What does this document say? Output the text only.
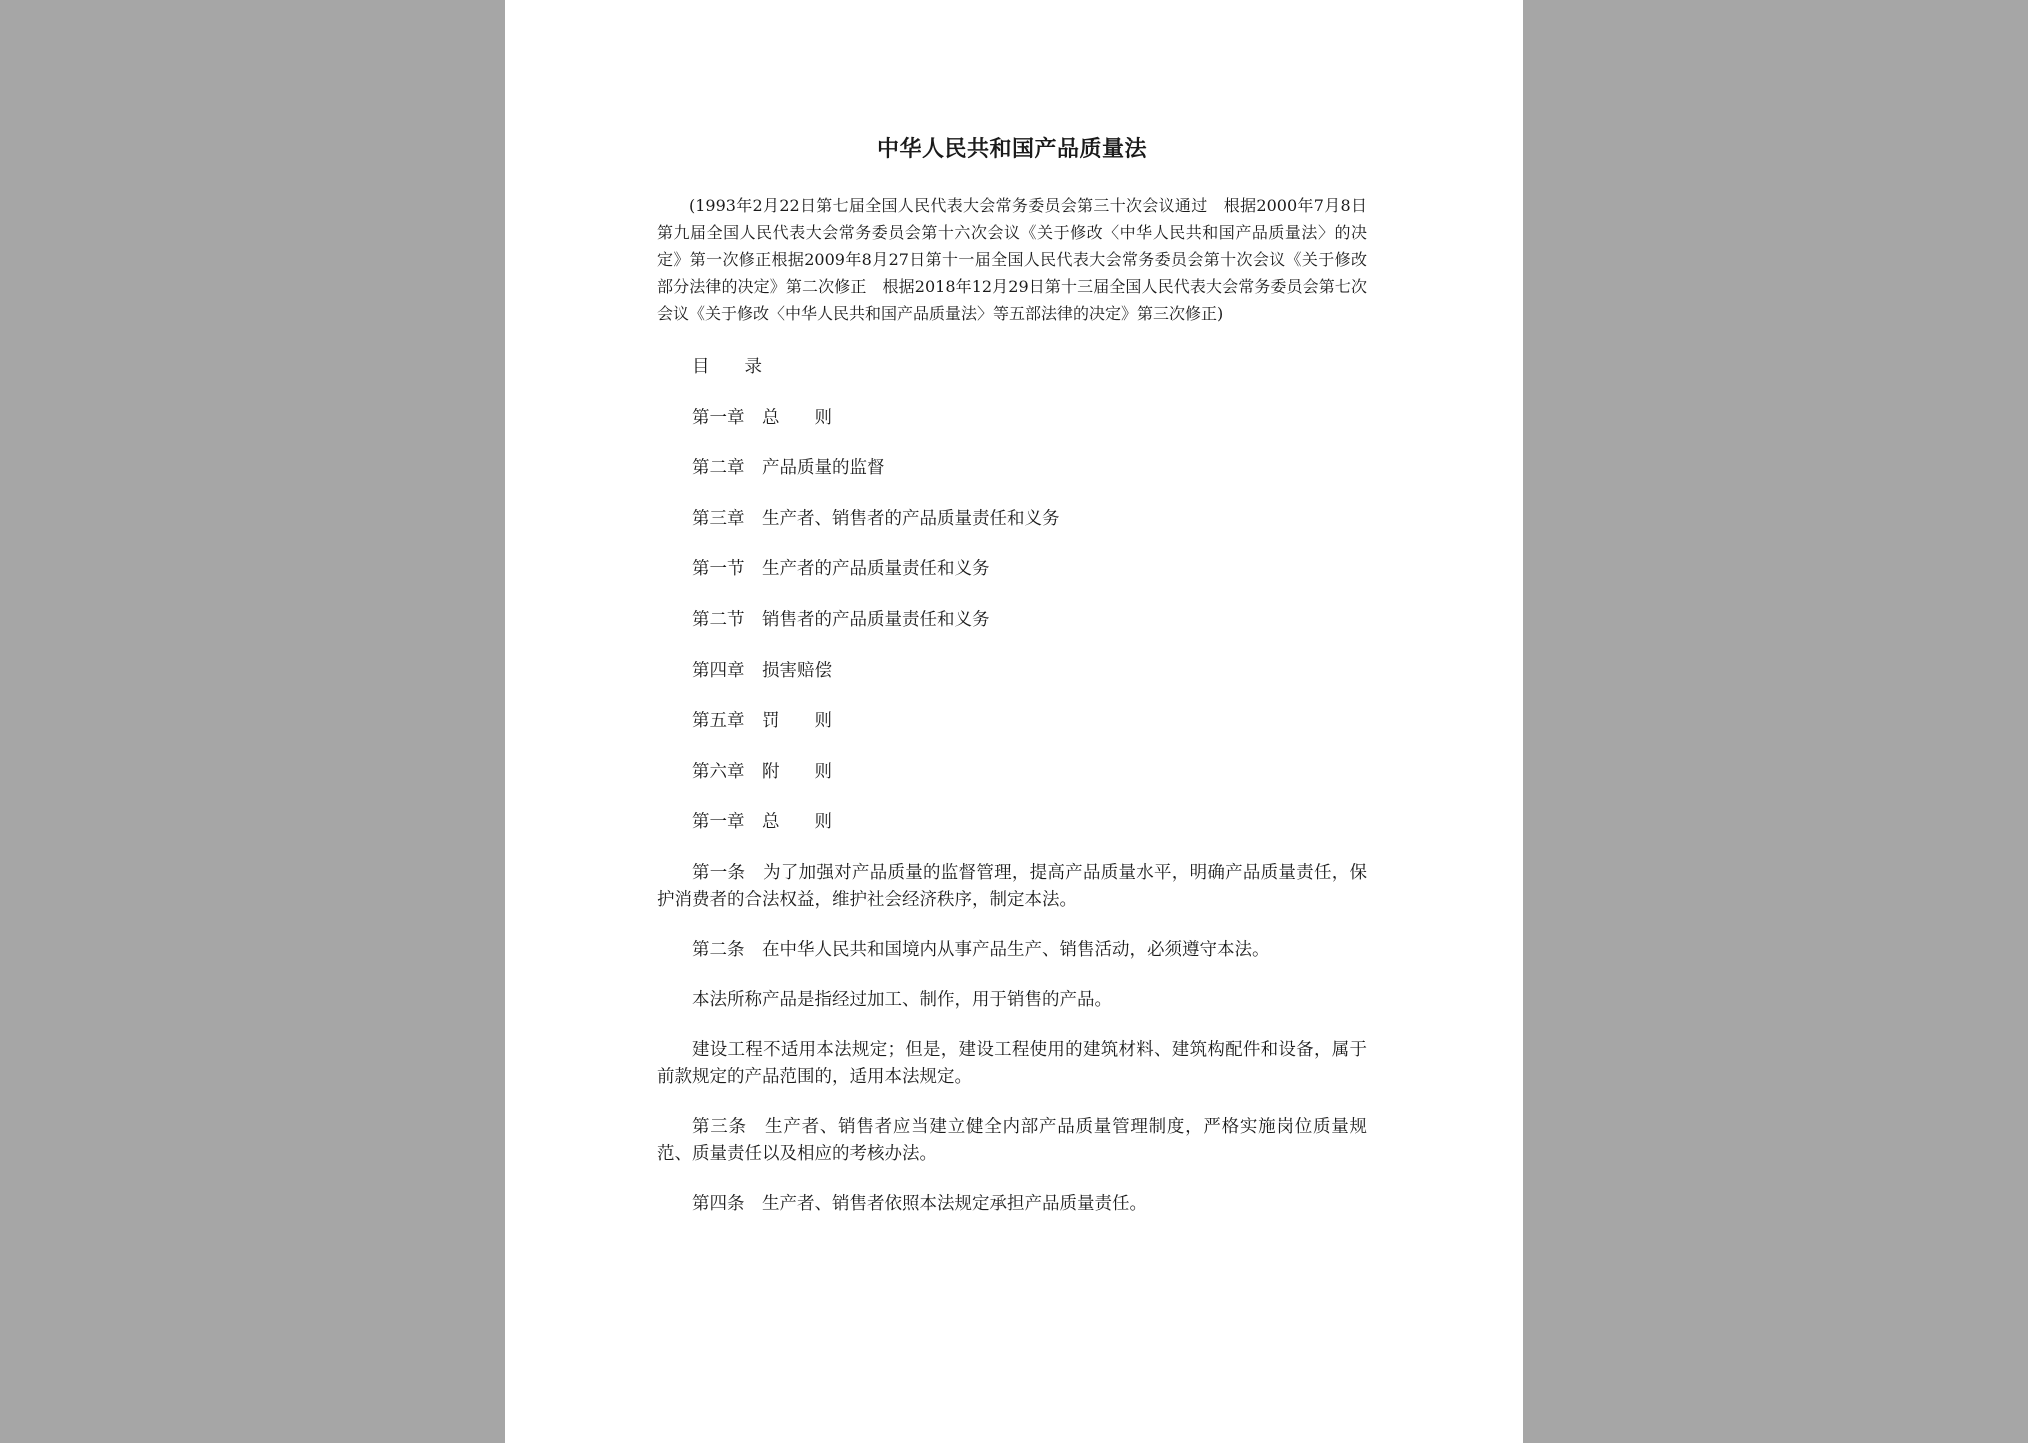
中华人民共和国产品质量法

(1993年2月22日第七届全国人民代表大会常务委员会第三十次会议通过　根据2000年7月8日第九届全国人民代表大会常务委员会第十六次会议《关于修改〈中华人民共和国产品质量法〉的决定》第一次修正根据2009年8月27日第十一届全国人民代表大会常务委员会第十次会议《关于修改部分法律的决定》第二次修正　根据2018年12月29日第十三届全国人民代表大会常务委员会第七次会议《关于修改〈中华人民共和国产品质量法〉等五部法律的决定》第三次修正)

目　　录
第一章　总　　则
第二章　产品质量的监督
第三章　生产者、销售者的产品质量责任和义务
第一节　生产者的产品质量责任和义务
第二节　销售者的产品质量责任和义务
第四章　损害赔偿
第五章　罚　　则
第六章　附　　则
第一章　总　　则

第一条　为了加强对产品质量的监督管理，提高产品质量水平，明确产品质量责任，保护消费者的合法权益，维护社会经济秩序，制定本法。

第二条　在中华人民共和国境内从事产品生产、销售活动，必须遵守本法。

本法所称产品是指经过加工、制作，用于销售的产品。

建设工程不适用本法规定；但是，建设工程使用的建筑材料、建筑构配件和设备，属于前款规定的产品范围的，适用本法规定。

第三条　生产者、销售者应当建立健全内部产品质量管理制度，严格实施岗位质量规范、质量责任以及相应的考核办法。

第四条　生产者、销售者依照本法规定承担产品质量责任。
